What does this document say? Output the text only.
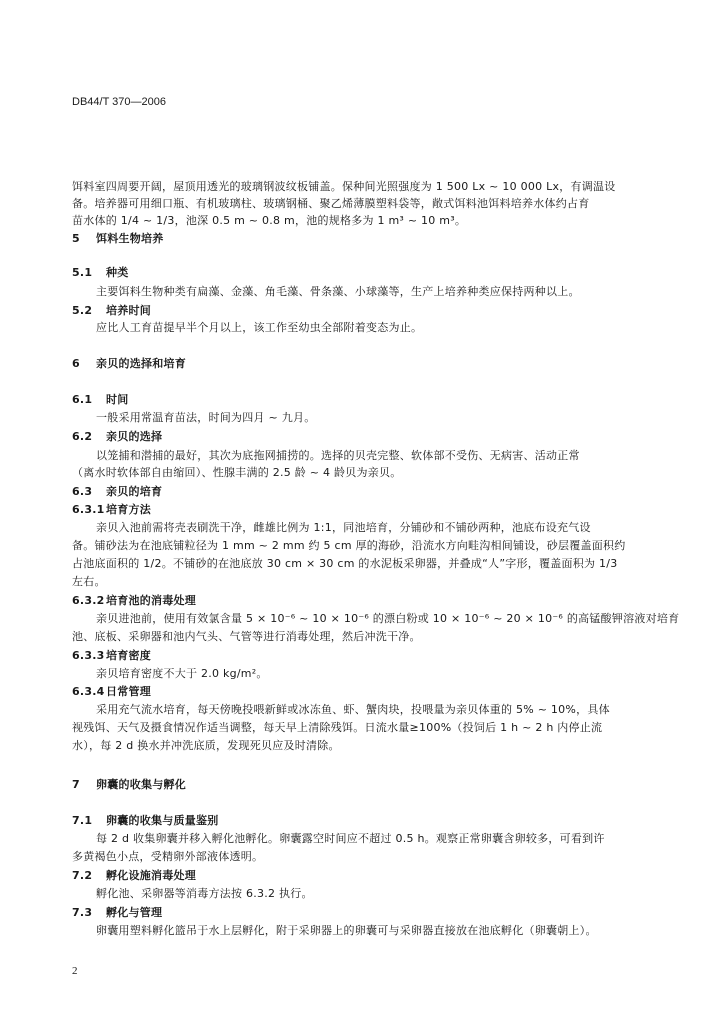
DB44/T 370—2006
饵料室四周要开阔，屋顶用透光的玻璃钢波纹板铺盖。保种间光照强度为 1 500 Lx ~ 10 000 Lx，有调温设
备。培养器可用细口瓶、有机玻璃柱、玻璃钢桶、聚乙烯薄膜塑料袋等，敞式饵料池饵料培养水体约占育
苗水体的 1/4 ~ 1/3，池深 0.5 m ~ 0.8 m，池的规格多为 1 m³ ~ 10 m³。
5 饵料生物培养
5.1 种类
主要饵料生物种类有扁藻、金藻、角毛藻、骨条藻、小球藻等，生产上培养种类应保持两种以上。
5.2 培养时间
应比人工育苗提早半个月以上，该工作至幼虫全部附着变态为止。
6 亲贝的选择和培育
6.1 时间
一般采用常温育苗法，时间为四月 ~ 九月。
6.2 亲贝的选择
以笼捕和潜捕的最好，其次为底拖网捕捞的。选择的贝壳完整、软体部不受伤、无病害、活动正常
（离水时软体部自由缩回）、性腺丰满的 2.5 龄 ~ 4 龄贝为亲贝。
6.3 亲贝的培育
6.3.1培育方法
亲贝入池前需将壳表刷洗干净，雌雄比例为 1:1，同池培育，分铺砂和不铺砂两种，池底布设充气设
备。铺砂法为在池底铺粒径为 1 mm ~ 2 mm 约 5 cm 厚的海砂，沿流水方向畦沟相间铺设，砂层覆盖面积约
占池底面积的 1/2。不铺砂的在池底放 30 cm × 30 cm 的水泥板采卵器，并叠成“人”字形，覆盖面积为 1/3
左右。
6.3.2培育池的消毒处理
亲贝进池前，使用有效氯含量 5 × 10⁻⁶ ~ 10 × 10⁻⁶ 的漂白粉或 10 × 10⁻⁶ ~ 20 × 10⁻⁶ 的高锰酸钾溶液对培育
池、底板、采卵器和池内气头、气管等进行消毒处理，然后冲洗干净。
6.3.3培育密度
亲贝培育密度不大于 2.0 kg/m²。
6.3.4日常管理
采用充气流水培育，每天傍晚投喂新鲜或冰冻鱼、虾、蟹肉块，投喂量为亲贝体重的 5% ~ 10%，具体
视残饵、天气及摄食情况作适当调整，每天早上清除残饵。日流水量≥100%（投饲后 1 h ~ 2 h 内停止流
水），每 2 d 换水并冲洗底质，发现死贝应及时清除。
7 卵囊的收集与孵化
7.1 卵囊的收集与质量鉴别
每 2 d 收集卵囊并移入孵化池孵化。卵囊露空时间应不超过 0.5 h。观察正常卵囊含卵较多，可看到许
多黄褐色小点，受精卵外部液体透明。
7.2 孵化设施消毒处理
孵化池、采卵器等消毒方法按 6.3.2 执行。
7.3 孵化与管理
卵囊用塑料孵化篮吊于水上层孵化，附于采卵器上的卵囊可与采卵器直接放在池底孵化（卵囊朝上）。
2
